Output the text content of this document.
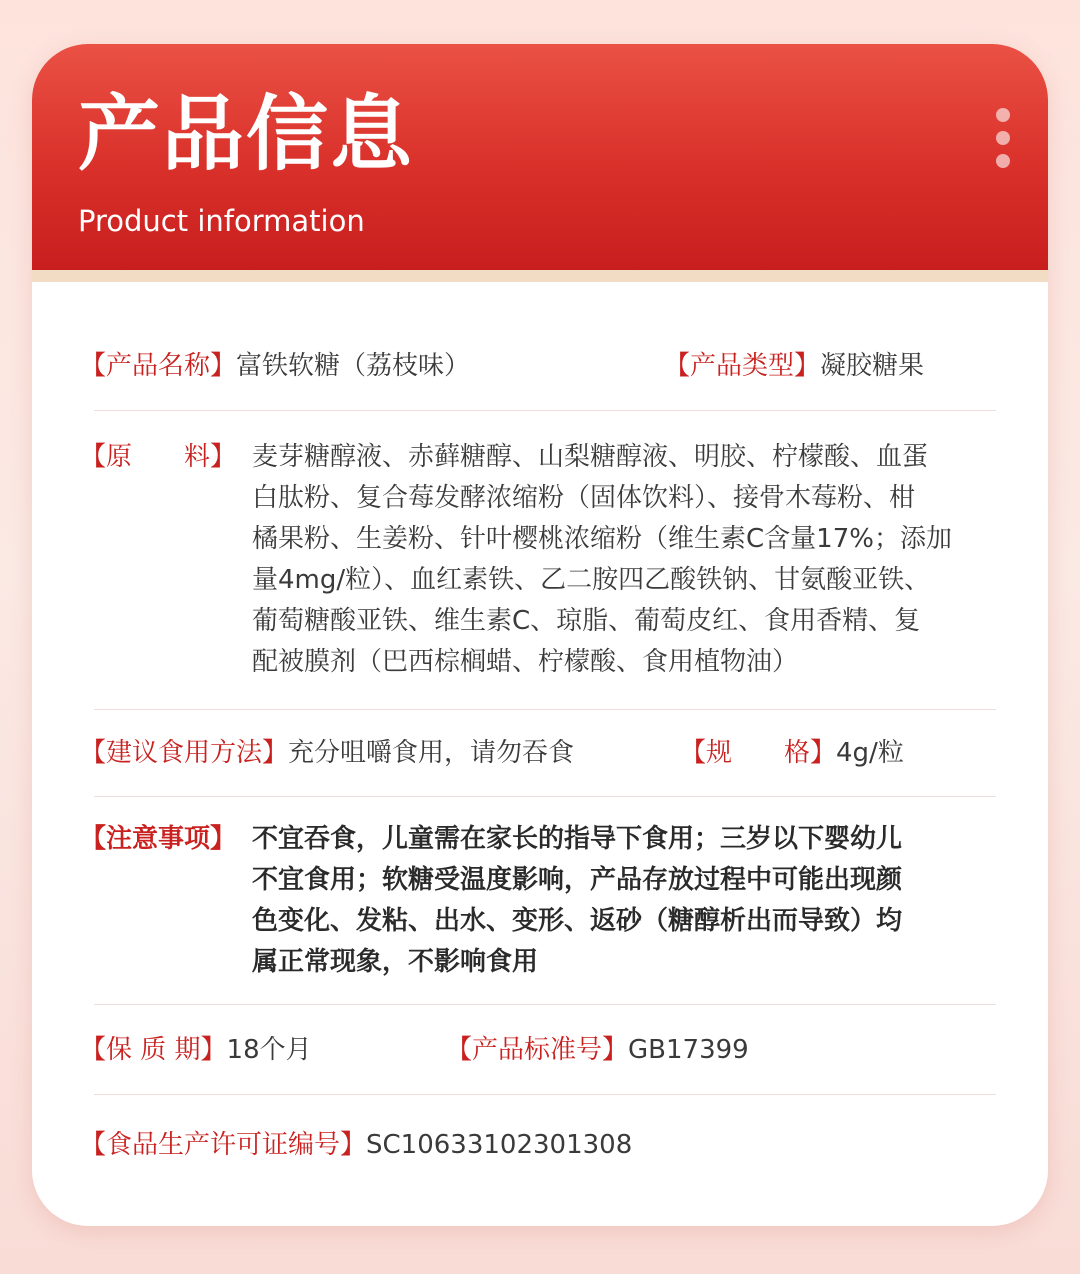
产品信息
Product information
【产品名称】富铁软糖（荔枝味）	【产品类型】凝胶糖果
【原　　料】 麦芽糖醇液、赤藓糖醇、山梨糖醇液、明胶、柠檬酸、血蛋
白肽粉、复合莓发酵浓缩粉（固体饮料）、接骨木莓粉、柑
橘果粉、生姜粉、针叶樱桃浓缩粉（维生素C含量17%；添加
量4mg/粒）、血红素铁、乙二胺四乙酸铁钠、甘氨酸亚铁、
葡萄糖酸亚铁、维生素C、琼脂、葡萄皮红、食用香精、复
配被膜剂（巴西棕榈蜡、柠檬酸、食用植物油）
【建议食用方法】充分咀嚼食用，请勿吞食	【规　　格】4g/粒
【注意事项】 不宜吞食，儿童需在家长的指导下食用；三岁以下婴幼儿
不宜食用；软糖受温度影响，产品存放过程中可能出现颜
色变化、发粘、出水、变形、返砂（糖醇析出而导致）均
属正常现象，不影响食用
【保 质 期】18个月	【产品标准号】GB17399
【食品生产许可证编号】SC10633102301308
